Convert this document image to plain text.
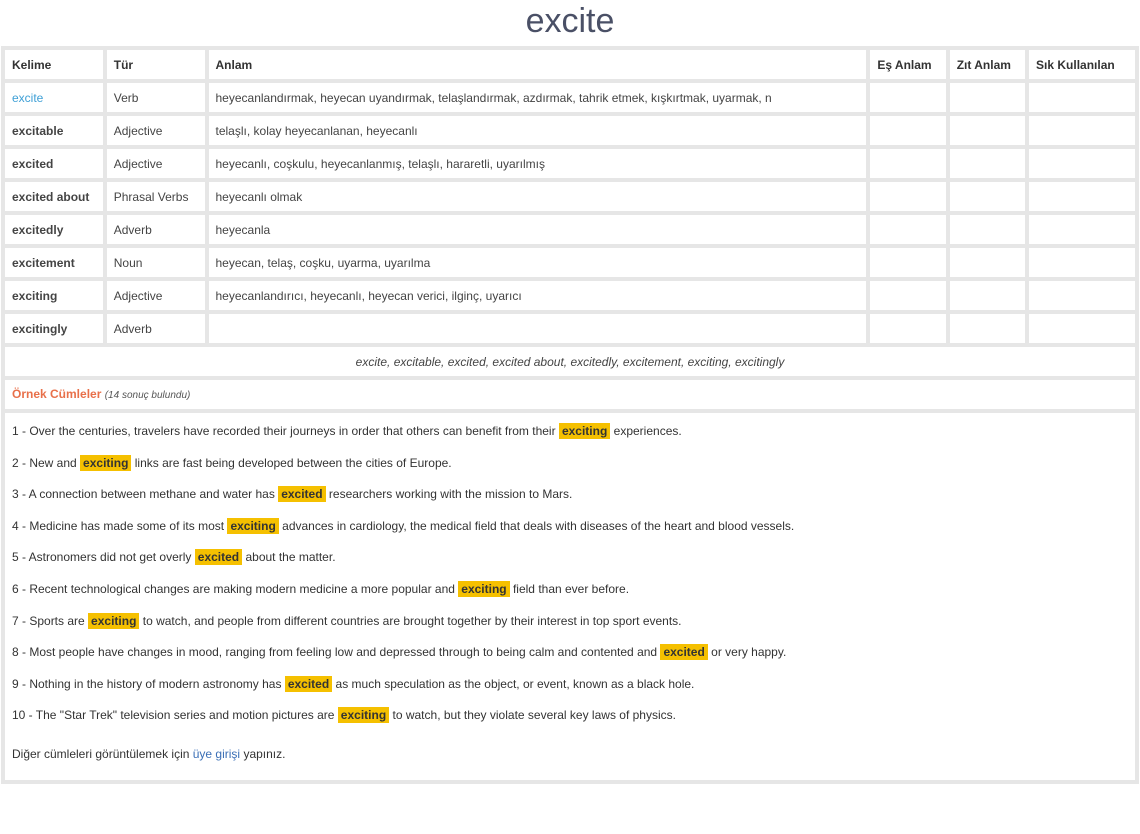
excite
Kelime	Tür	Anlam	Eş Anlam	Zıt Anlam	Sık Kullanılan
excite	Verb	heyecanlandırmak, heyecan uyandırmak, telaşlandırmak, azdırmak, tahrik etmek, kışkırtmak, uyarmak, n			
excitable	Adjective	telaşlı, kolay heyecanlanan, heyecanlı			
excited	Adjective	heyecanlı, coşkulu, heyecanlanmış, telaşlı, hararetli, uyarılmış			
excited about	Phrasal Verbs	heyecanlı olmak			
excitedly	Adverb	heyecanla			
excitement	Noun	heyecan, telaş, coşku, uyarma, uyarılma			
exciting	Adjective	heyecanlandırıcı, heyecanlı, heyecan verici, ilginç, uyarıcı			
excitingly	Adverb				
excite, excitable, excited, excited about, excitedly, excitement, exciting, excitingly					
Örnek Cümleler (14 sonuç bulundu)
1 - Over the centuries, travelers have recorded their journeys in order that others can benefit from their exciting experiences.
2 - New and exciting links are fast being developed between the cities of Europe.
3 - A connection between methane and water has excited researchers working with the mission to Mars.
4 - Medicine has made some of its most exciting advances in cardiology, the medical field that deals with diseases of the heart and blood vessels.
5 - Astronomers did not get overly excited about the matter.
6 - Recent technological changes are making modern medicine a more popular and exciting field than ever before.
7 - Sports are exciting to watch, and people from different countries are brought together by their interest in top sport events.
8 - Most people have changes in mood, ranging from feeling low and depressed through to being calm and contented and excited or very happy.
9 - Nothing in the history of modern astronomy has excited as much speculation as the object, or event, known as a black hole.
10 - The "Star Trek" television series and motion pictures are exciting to watch, but they violate several key laws of physics.
Diğer cümleleri görüntülemek için üye girişi yapınız.
